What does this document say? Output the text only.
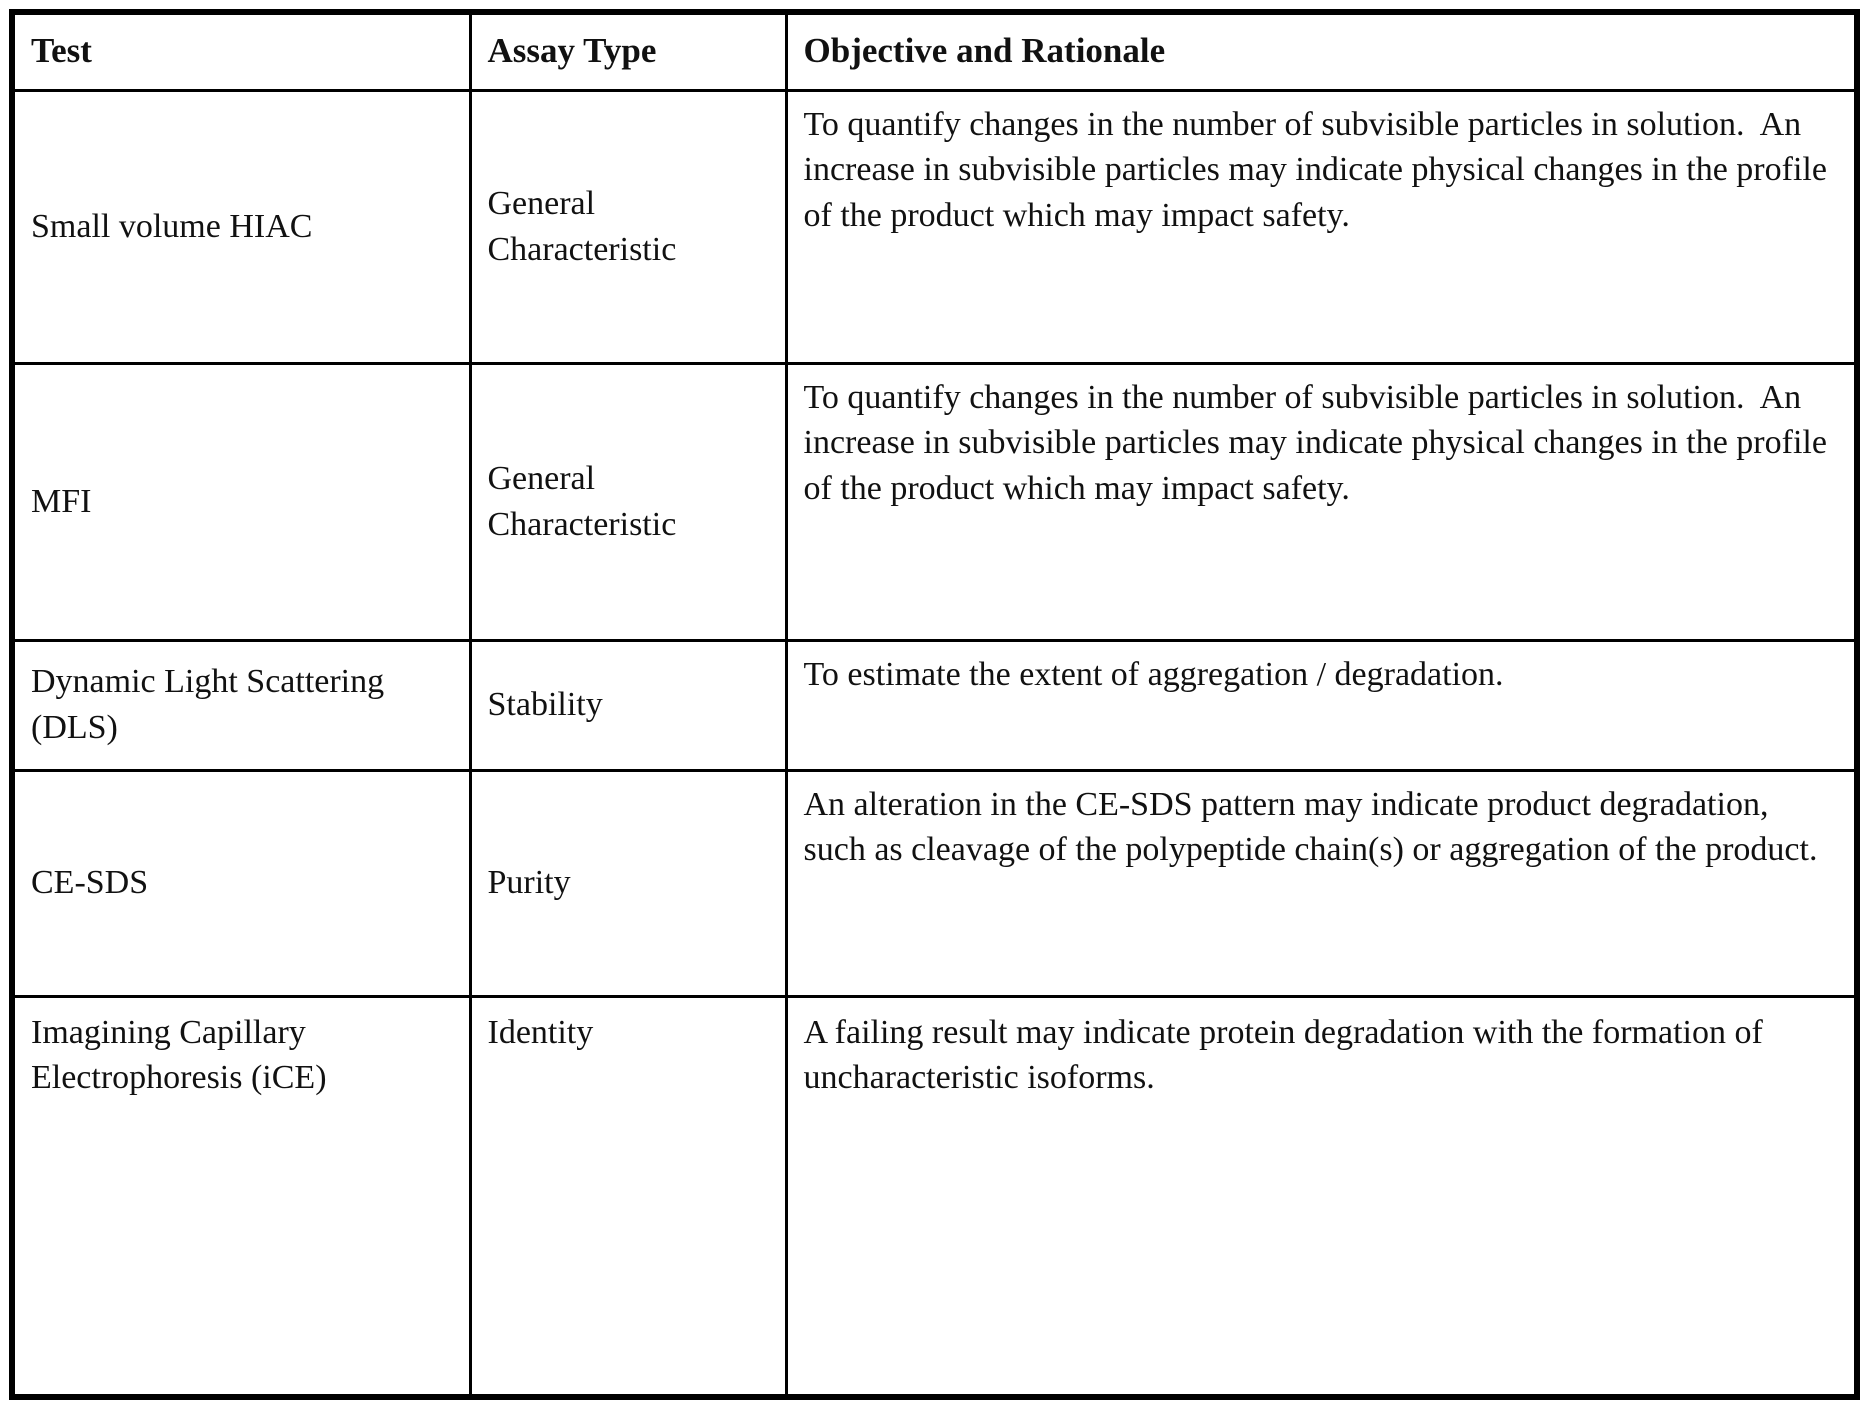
Test	Assay Type	Objective and Rationale
Small volume HIAC	General Characteristic	To quantify changes in the number of subvisible particles in solution.  An increase in subvisible particles may indicate physical changes in the profile of the product which may impact safety.
MFI	General Characteristic	To quantify changes in the number of subvisible particles in solution.  An increase in subvisible particles may indicate physical changes in the profile of the product which may impact safety.
Dynamic Light Scattering (DLS)	Stability	To estimate the extent of aggregation / degradation.
CE-SDS	Purity	An alteration in the CE-SDS pattern may indicate product degradation, such as cleavage of the polypeptide chain(s) or aggregation of the product.
Imagining Capillary Electrophoresis (iCE)	Identity	A failing result may indicate protein degradation with the formation of uncharacteristic isoforms.
